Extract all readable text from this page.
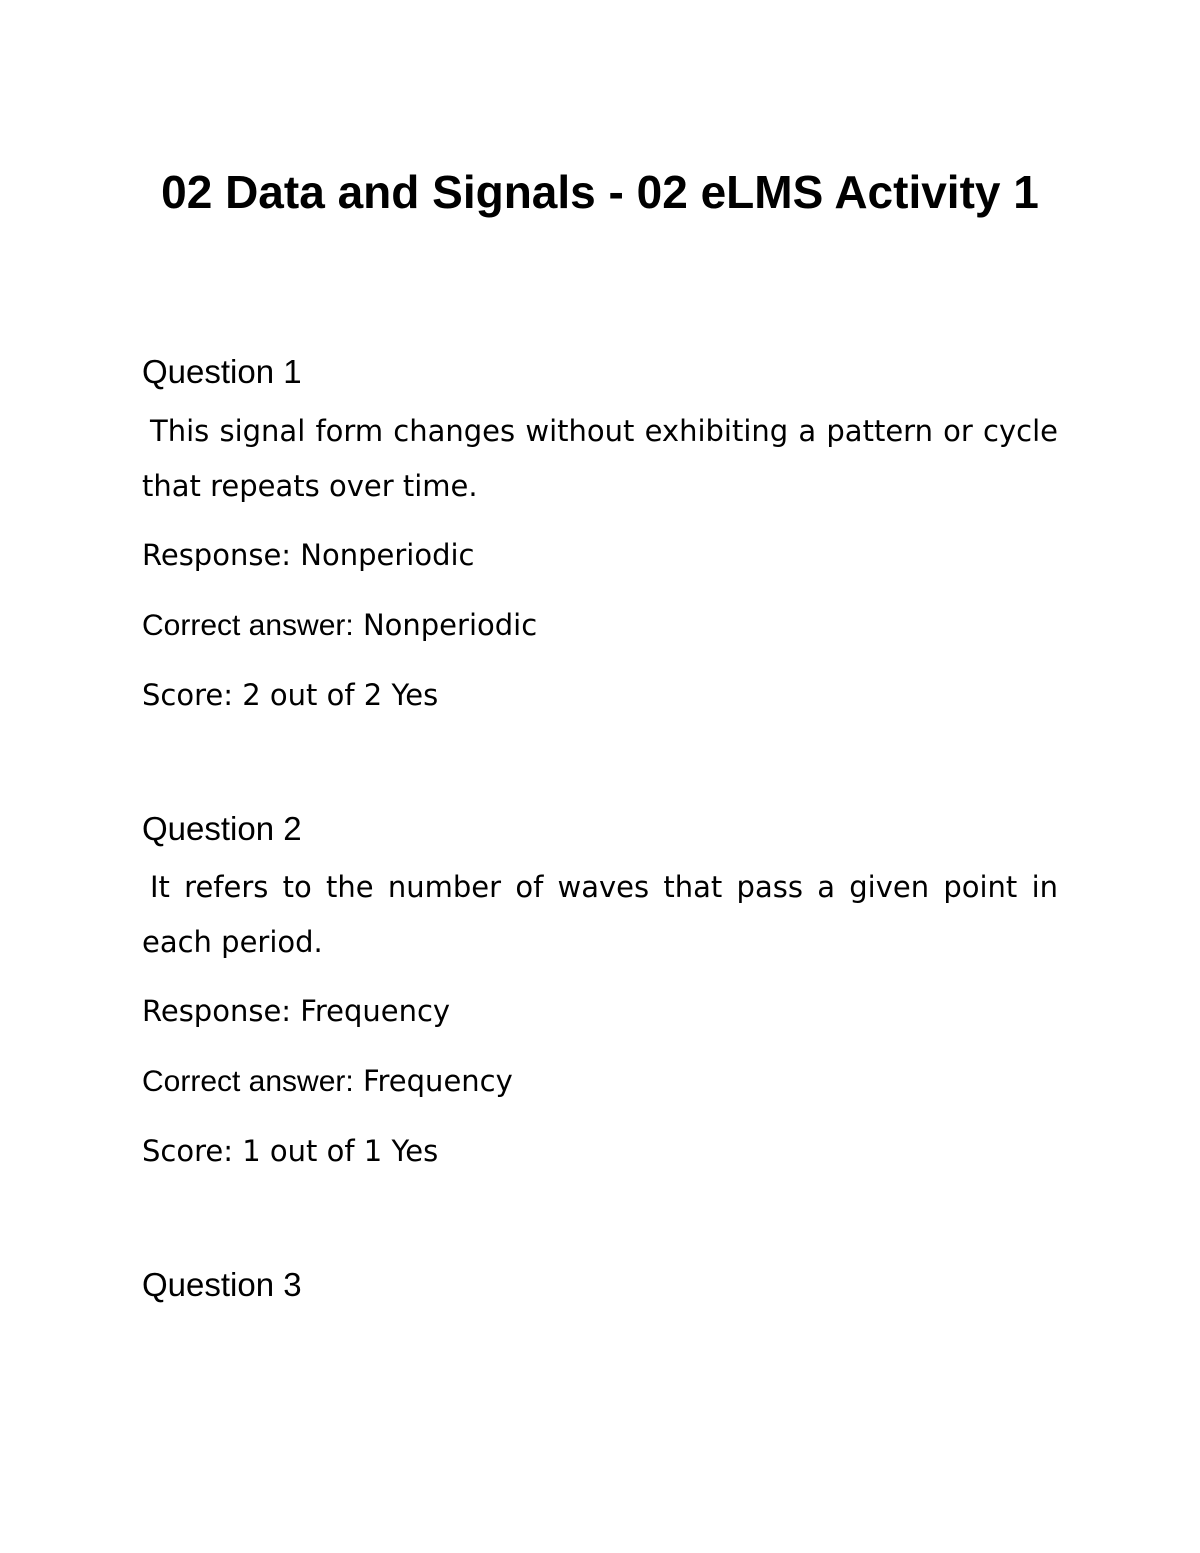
02 Data and Signals - 02 eLMS Activity 1
Question 1

This signal form changes without exhibiting a pattern or cycle that repeats over time.

Response: Nonperiodic

Correct answer: Nonperiodic

Score: 2 out of 2 Yes

Question 2

It refers to the number of waves that pass a given point in each period.

Response: Frequency

Correct answer: Frequency

Score: 1 out of 1 Yes

Question 3
